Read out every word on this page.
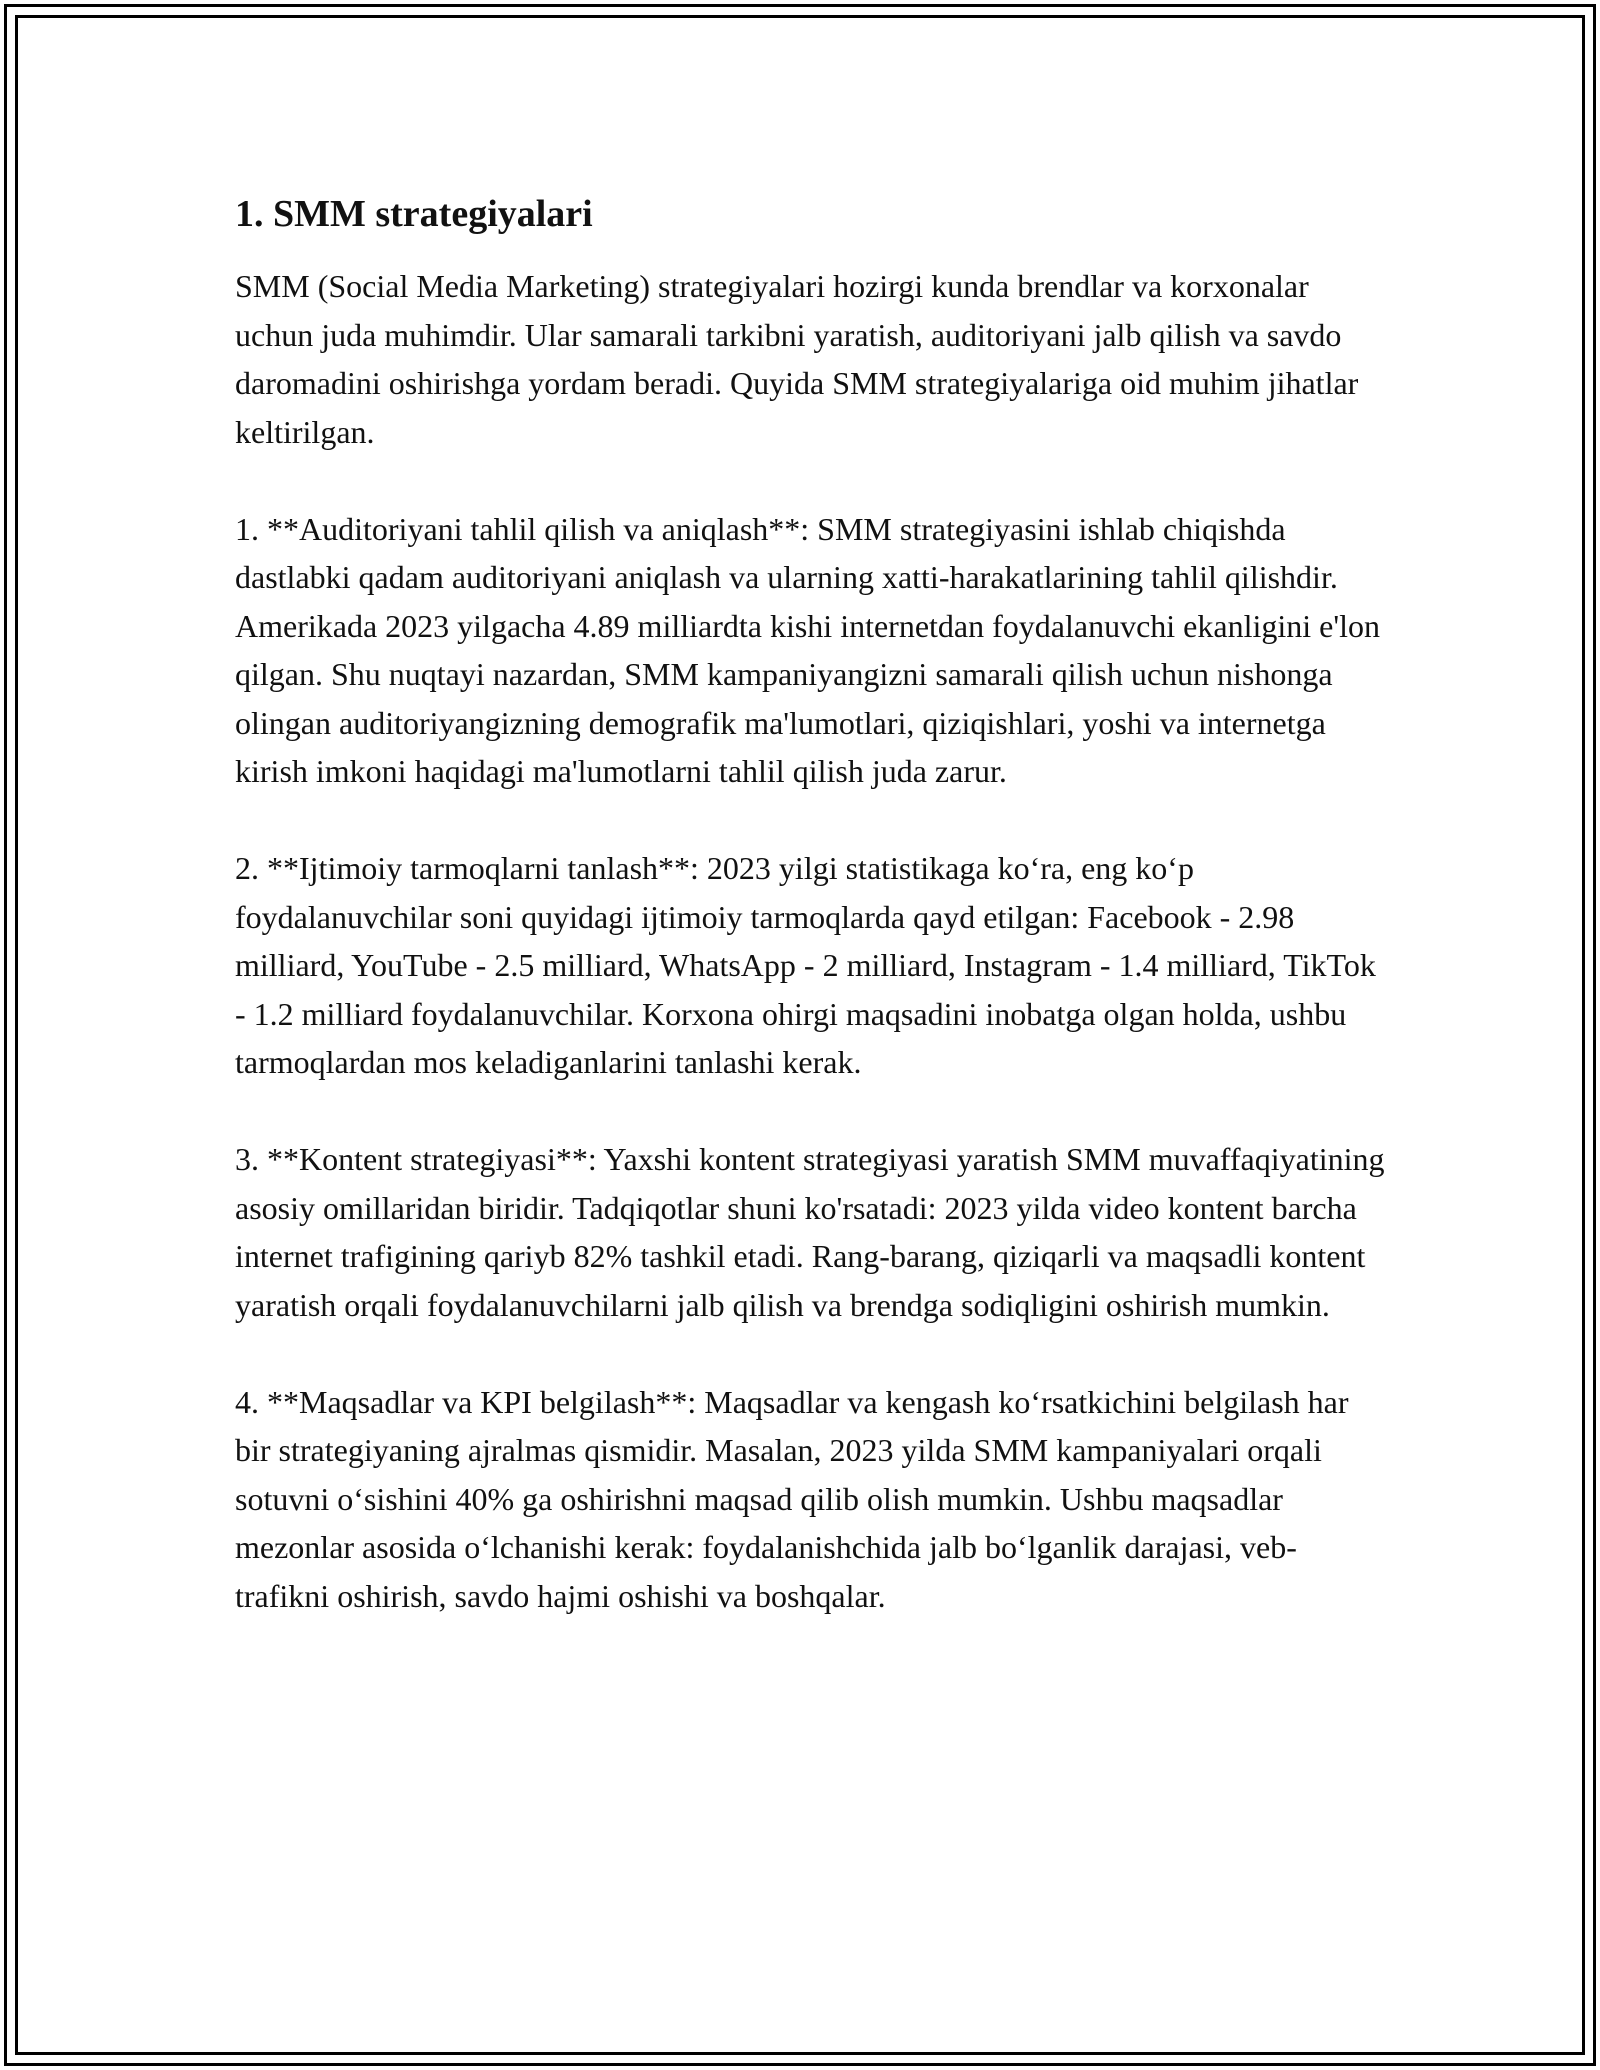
1. SMM strategiyalari

SMM (Social Media Marketing) strategiyalari hozirgi kunda brendlar va korxonalar uchun juda muhimdir. Ular samarali tarkibni yaratish, auditoriyani jalb qilish va savdo daromadini oshirishga yordam beradi. Quyida SMM strategiyalariga oid muhim jihatlar keltirilgan.

1. **Auditoriyani tahlil qilish va aniqlash**: SMM strategiyasini ishlab chiqishda dastlabki qadam auditoriyani aniqlash va ularning xatti-harakatlarining tahlil qilishdir. Amerikada 2023 yilgacha 4.89 milliardta kishi internetdan foydalanuvchi ekanligini e'lon qilgan. Shu nuqtayi nazardan, SMM kampaniyangizni samarali qilish uchun nishonga olingan auditoriyangizning demografik ma'lumotlari, qiziqishlari, yoshi va internetga kirish imkoni haqidagi ma'lumotlarni tahlil qilish juda zarur.

2. **Ijtimoiy tarmoqlarni tanlash**: 2023 yilgi statistikaga koʻra, eng koʻp foydalanuvchilar soni quyidagi ijtimoiy tarmoqlarda qayd etilgan: Facebook - 2.98 milliard, YouTube - 2.5 milliard, WhatsApp - 2 milliard, Instagram - 1.4 milliard, TikTok - 1.2 milliard foydalanuvchilar. Korxona ohirgi maqsadini inobatga olgan holda, ushbu tarmoqlardan mos keladiganlarini tanlashi kerak.

3. **Kontent strategiyasi**: Yaxshi kontent strategiyasi yaratish SMM muvaffaqiyatining asosiy omillaridan biridir. Tadqiqotlar shuni ko'rsatadi: 2023 yilda video kontent barcha internet trafigining qariyb 82% tashkil etadi. Rang-barang, qiziqarli va maqsadli kontent yaratish orqali foydalanuvchilarni jalb qilish va brendga sodiqligini oshirish mumkin.

4. **Maqsadlar va KPI belgilash**: Maqsadlar va kengash koʻrsatkichini belgilash har bir strategiyaning ajralmas qismidir. Masalan, 2023 yilda SMM kampaniyalari orqali sotuvni oʻsishini 40% ga oshirishni maqsad qilib olish mumkin. Ushbu maqsadlar mezonlar asosida oʻlchanishi kerak: foydalanishchida jalb boʻlganlik darajasi, veb-trafikni oshirish, savdo hajmi oshishi va boshqalar.
